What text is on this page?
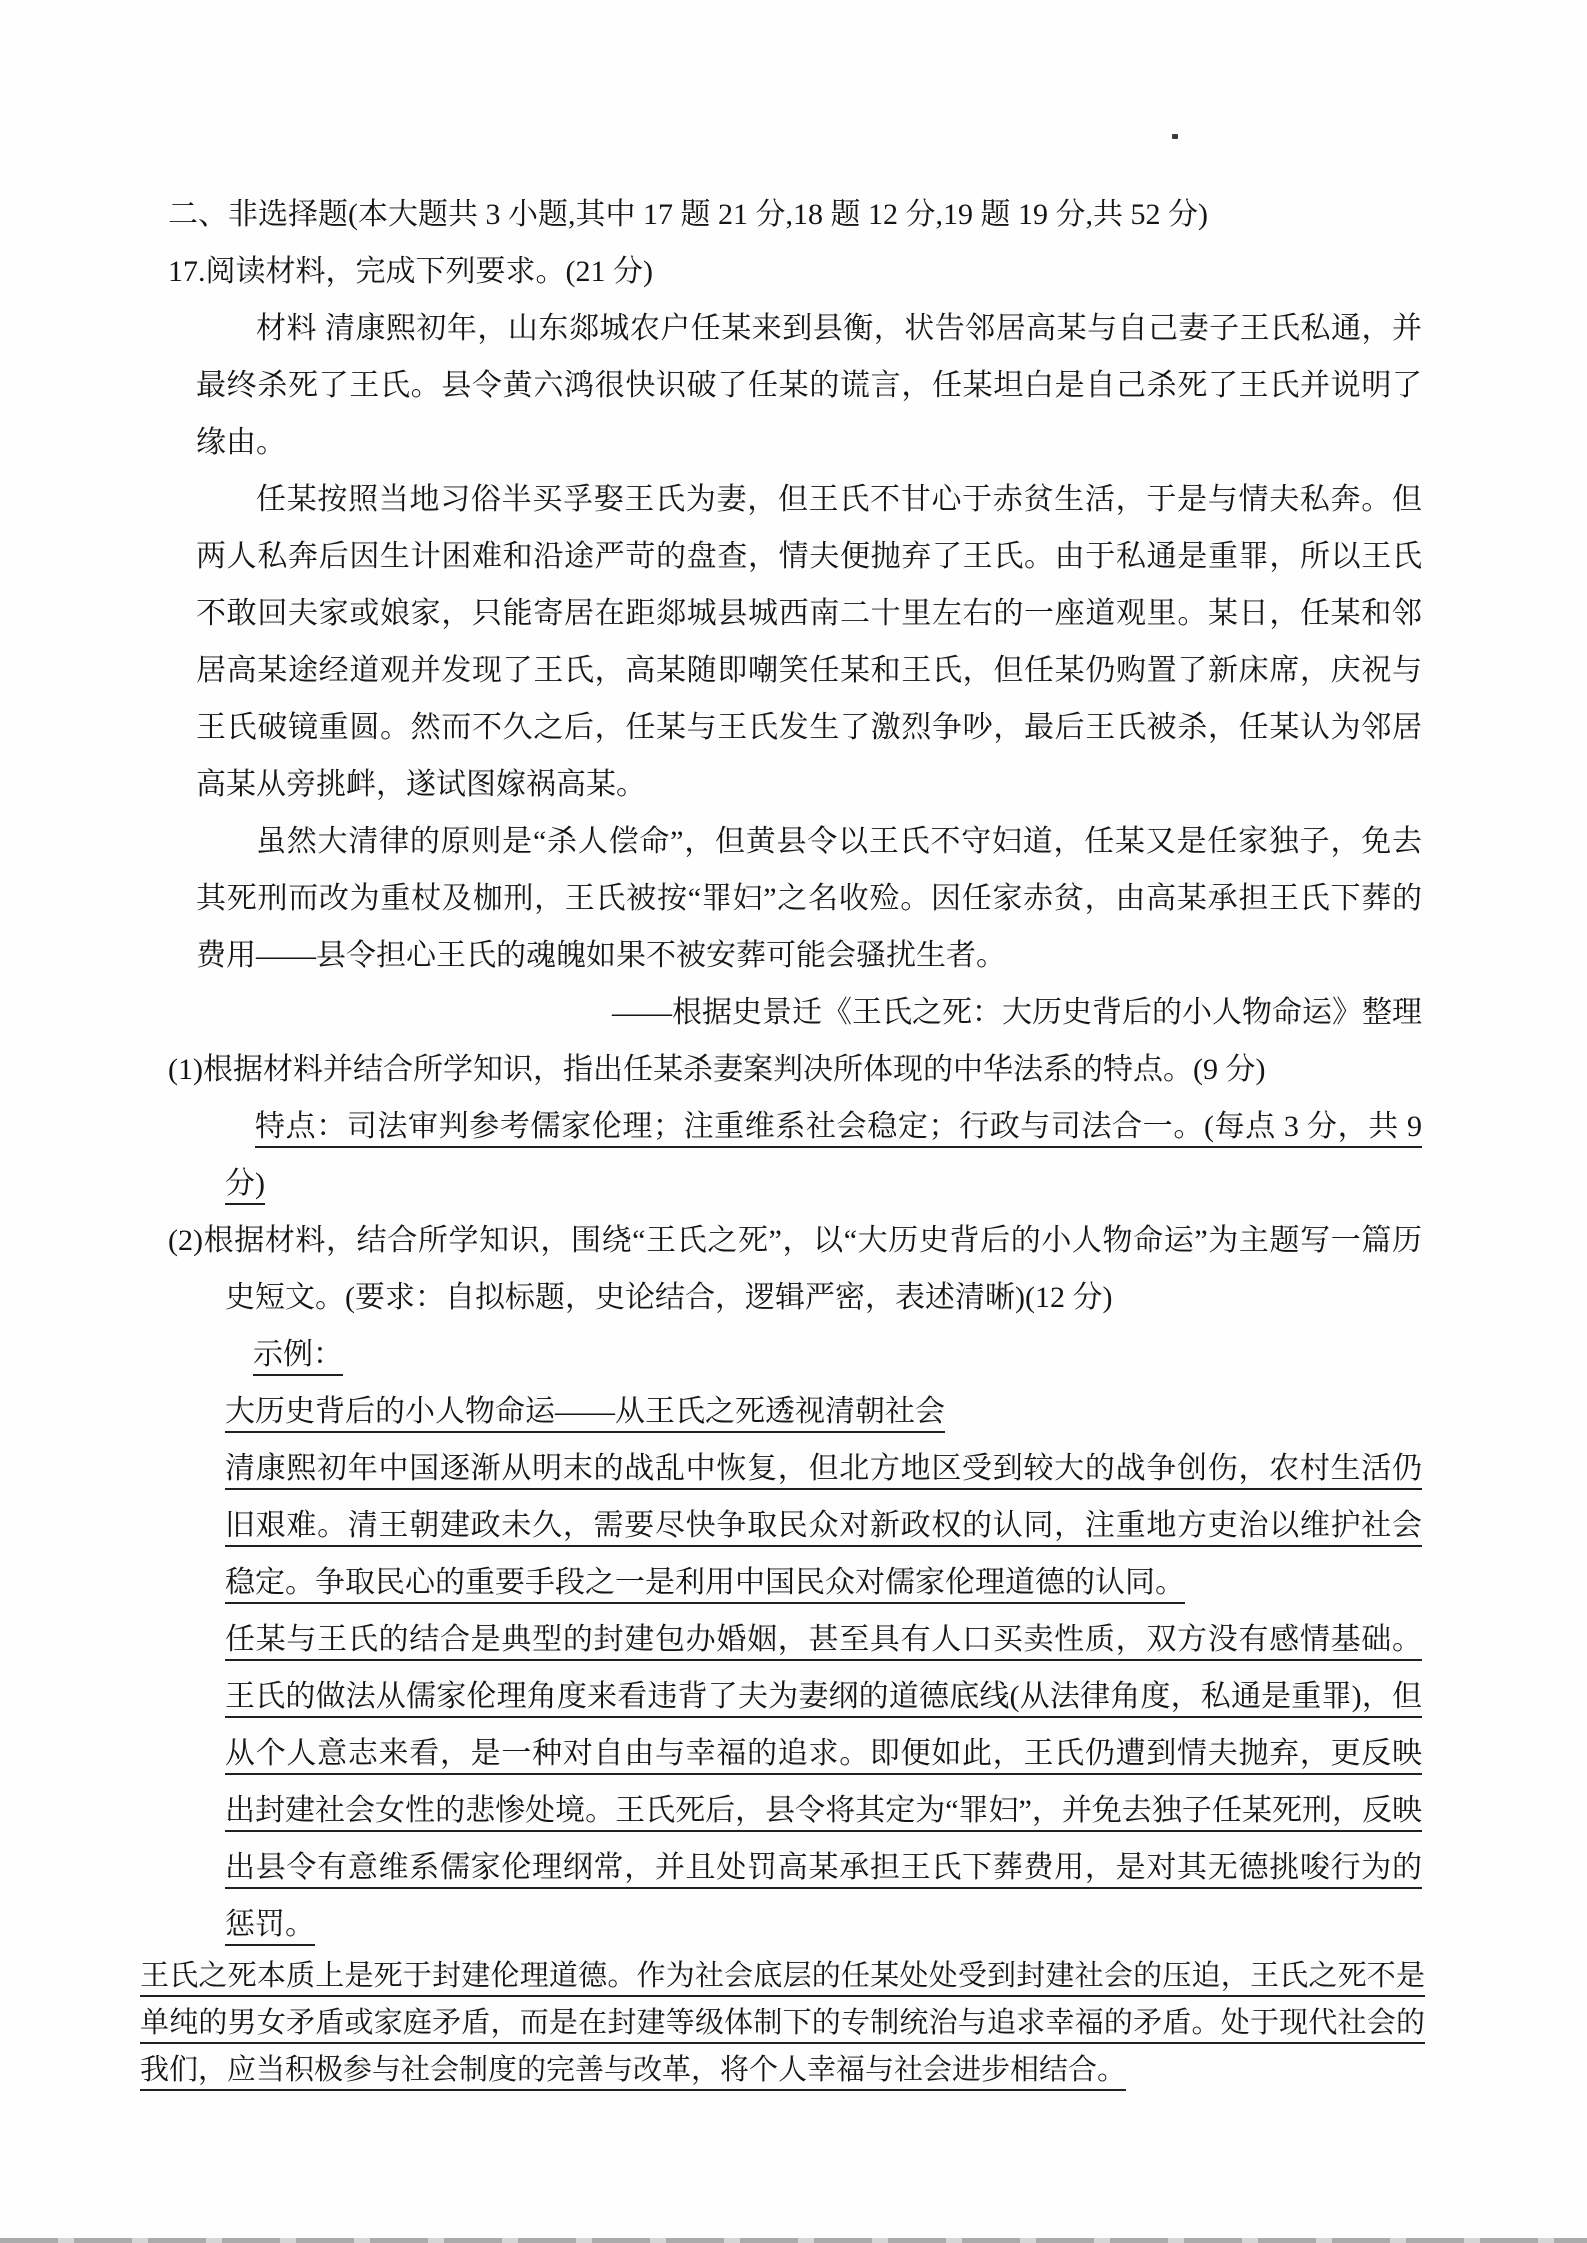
二、非选择题(本大题共 3 小题,其中 17 题 21 分,18 题 12 分,19 题 19 分,共 52 分)

17.阅读材料，完成下列要求。(21 分)

材料 清康熙初年，山东郯城农户任某来到县衡，状告邻居高某与自己妻子王氏私通，并最终杀死了王氏。县令黄六鸿很快识破了任某的谎言，任某坦白是自己杀死了王氏并说明了缘由。

任某按照当地习俗半买孚娶王氏为妻，但王氏不甘心于赤贫生活，于是与情夫私奔。但两人私奔后因生计困难和沿途严苛的盘查，情夫便抛弃了王氏。由于私通是重罪，所以王氏不敢回夫家或娘家，只能寄居在距郯城县城西南二十里左右的一座道观里。某日，任某和邻居高某途经道观并发现了王氏，高某随即嘲笑任某和王氏，但任某仍购置了新床席，庆祝与王氏破镜重圆。然而不久之后，任某与王氏发生了激烈争吵，最后王氏被杀，任某认为邻居高某从旁挑衅，遂试图嫁祸高某。

虽然大清律的原则是“杀人偿命”，但黄县令以王氏不守妇道，任某又是任家独子，免去其死刑而改为重杖及枷刑，王氏被按“罪妇”之名收殓。因任家赤贫，由高某承担王氏下葬的费用——县令担心王氏的魂魄如果不被安葬可能会骚扰生者。

——根据史景迁《王氏之死：大历史背后的小人物命运》整理

(1)根据材料并结合所学知识，指出任某杀妻案判决所体现的中华法系的特点。(9 分)

特点：司法审判参考儒家伦理；注重维系社会稳定；行政与司法合一。(每点 3 分，共 9 分)

(2)根据材料，结合所学知识，围绕“王氏之死”，以“大历史背后的小人物命运”为主题写一篇历史短文。(要求：自拟标题，史论结合，逻辑严密，表述清晰)(12 分)

示例：

大历史背后的小人物命运——从王氏之死透视清朝社会

清康熙初年中国逐渐从明末的战乱中恢复，但北方地区受到较大的战争创伤，农村生活仍旧艰难。清王朝建政未久，需要尽快争取民众对新政权的认同，注重地方吏治以维护社会稳定。争取民心的重要手段之一是利用中国民众对儒家伦理道德的认同。

任某与王氏的结合是典型的封建包办婚姻，甚至具有人口买卖性质，双方没有感情基础。王氏的做法从儒家伦理角度来看违背了夫为妻纲的道德底线(从法律角度，私通是重罪)，但从个人意志来看，是一种对自由与幸福的追求。即便如此，王氏仍遭到情夫抛弃，更反映出封建社会女性的悲惨处境。王氏死后，县令将其定为“罪妇”，并免去独子任某死刑，反映出县令有意维系儒家伦理纲常，并且处罚高某承担王氏下葬费用，是对其无德挑唆行为的惩罚。

王氏之死本质上是死于封建伦理道德。作为社会底层的任某处处受到封建社会的压迫，王氏之死不是单纯的男女矛盾或家庭矛盾，而是在封建等级体制下的专制统治与追求幸福的矛盾。处于现代社会的我们，应当积极参与社会制度的完善与改革，将个人幸福与社会进步相结合。
